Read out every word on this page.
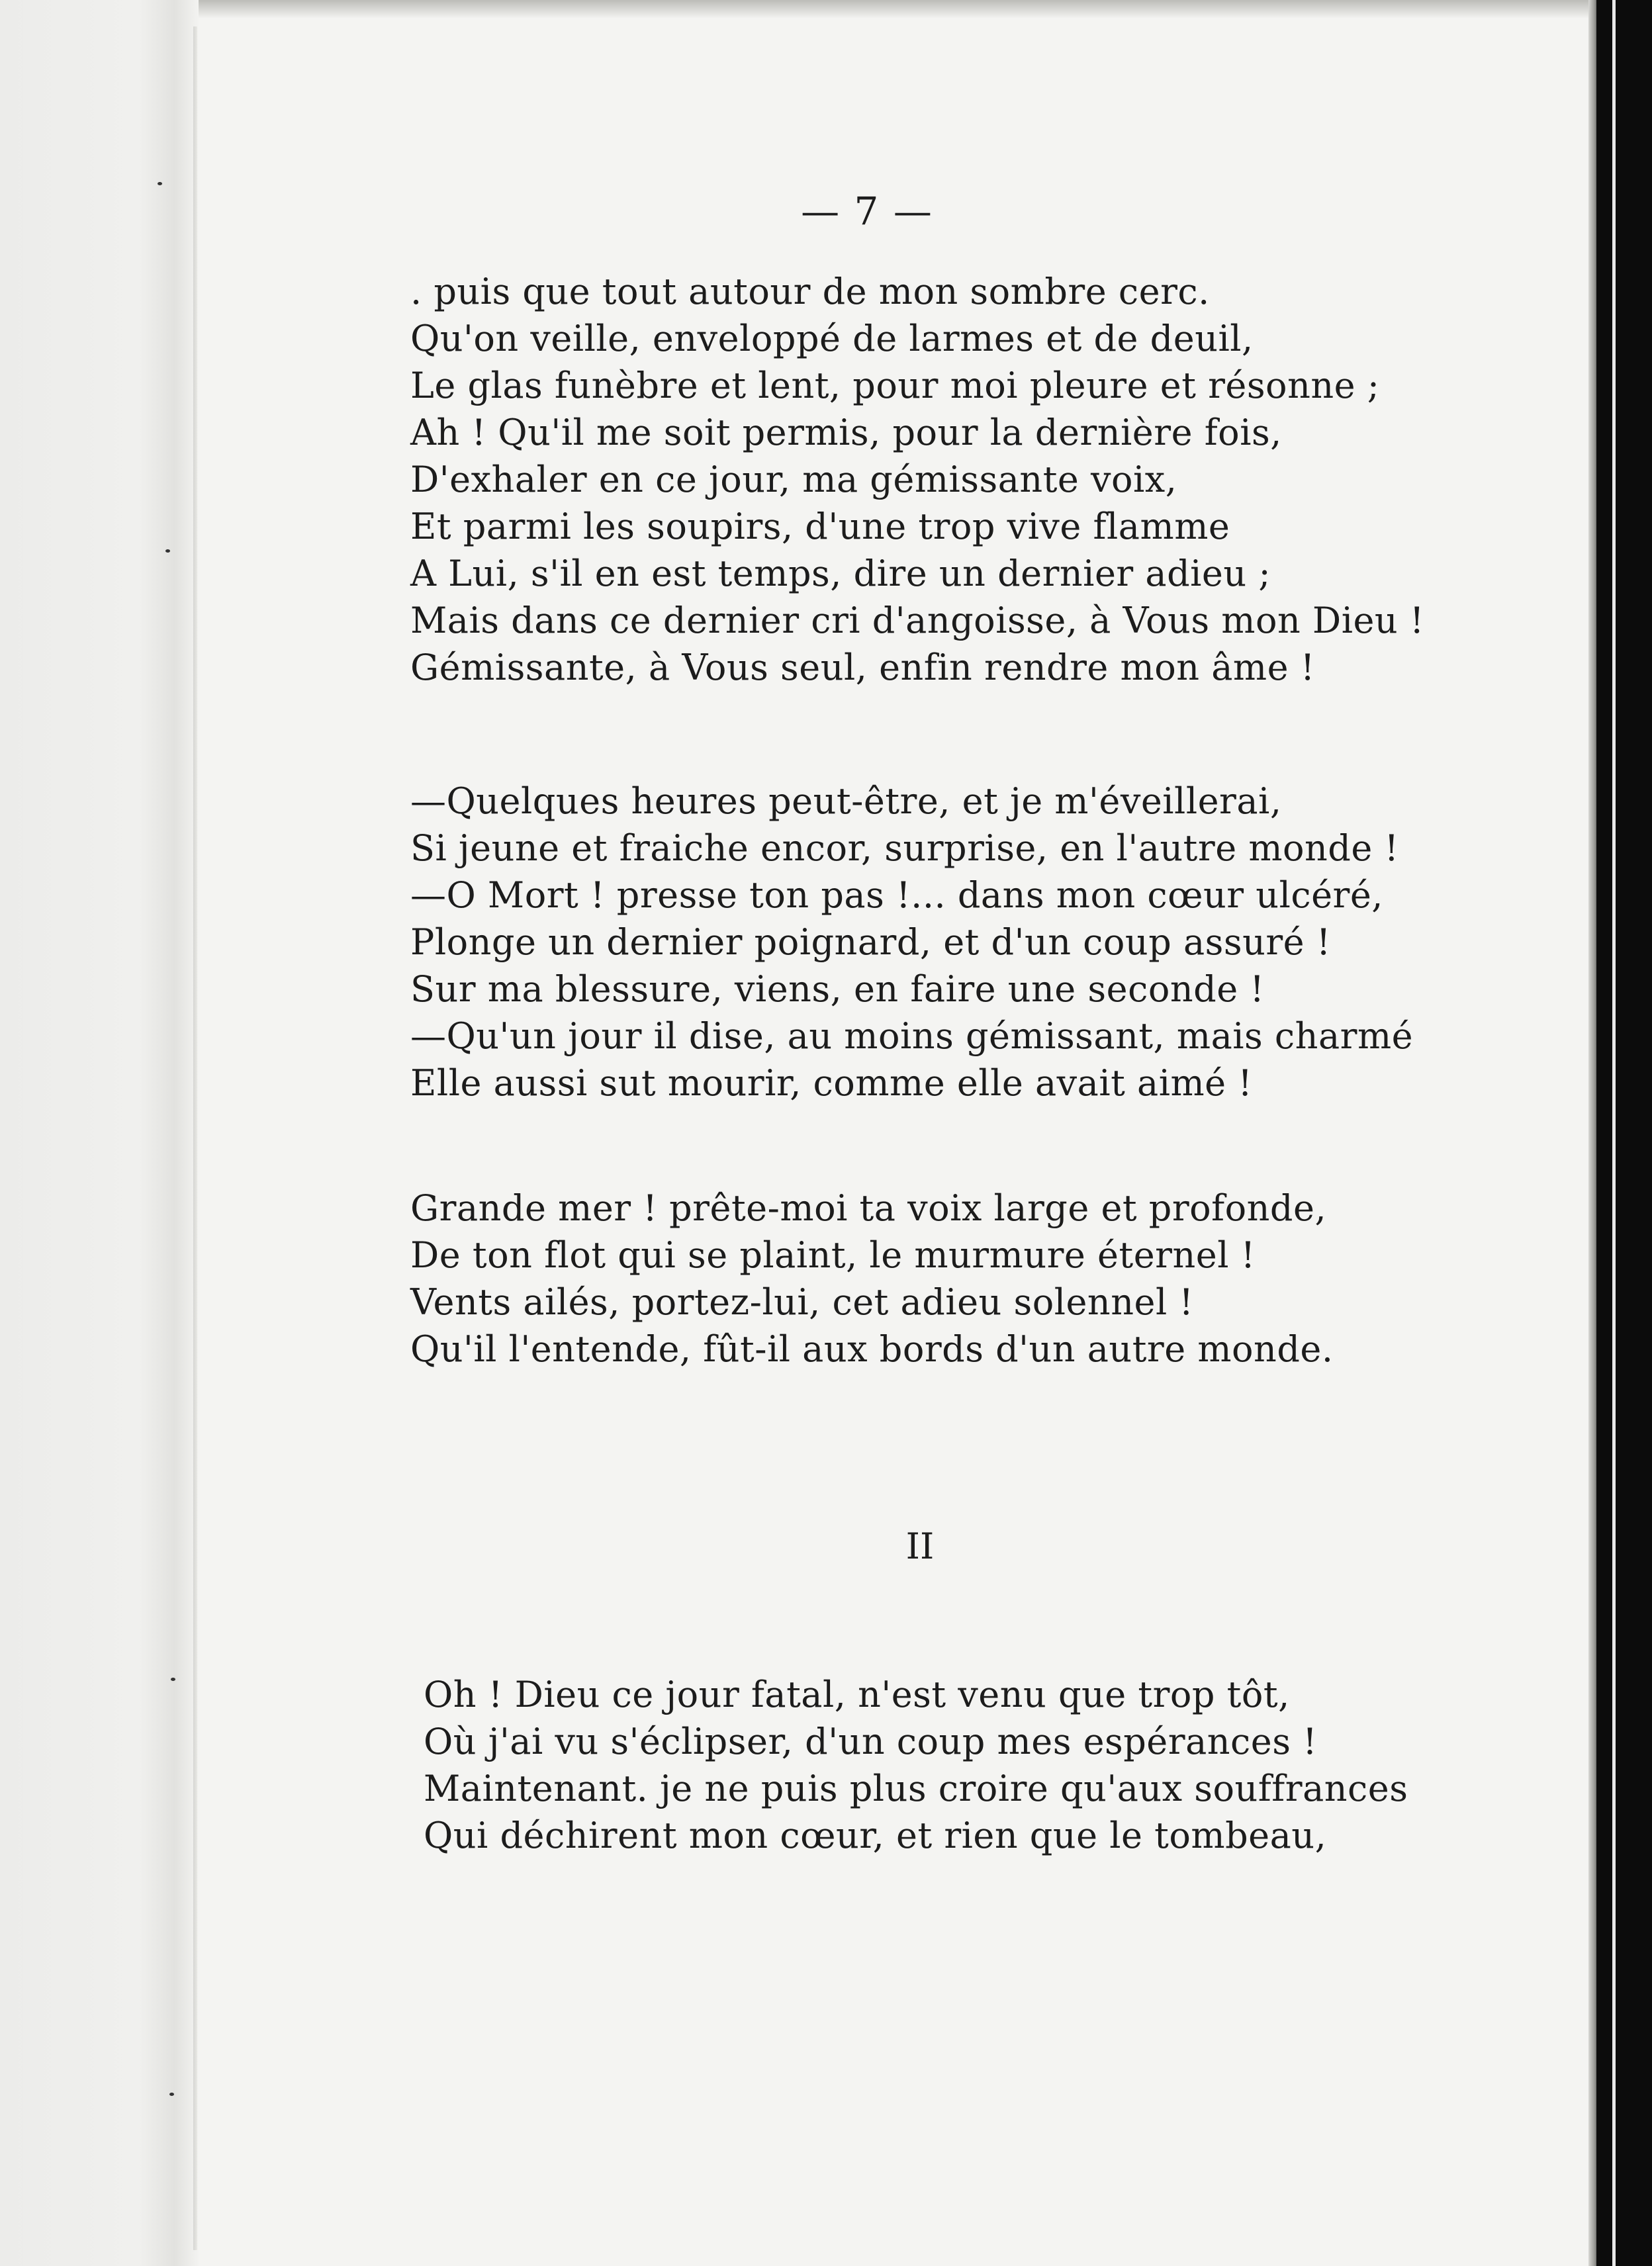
— 7 —
. puis que tout autour de mon sombre cerc.
Qu'on veille, enveloppé de larmes et de deuil,
Le glas funèbre et lent, pour moi pleure et résonne ;
Ah ! Qu'il me soit permis, pour la dernière fois,
D'exhaler en ce jour, ma gémissante voix,
Et parmi les soupirs, d'une trop vive flamme
A Lui, s'il en est temps, dire un dernier adieu ;
Mais dans ce dernier cri d'angoisse, à Vous mon Dieu !
Gémissante, à Vous seul, enfin rendre mon âme !
—Quelques heures peut-être, et je m'éveillerai,
Si jeune et fraiche encor, surprise, en l'autre monde !
—O Mort ! presse ton pas !... dans mon cœur ulcéré,
Plonge un dernier poignard, et d'un coup assuré !
Sur ma blessure, viens, en faire une seconde !
—Qu'un jour il dise, au moins gémissant, mais charmé
Elle aussi sut mourir, comme elle avait aimé !
Grande mer ! prête-moi ta voix large et profonde,
De ton flot qui se plaint, le murmure éternel !
Vents ailés, portez-lui, cet adieu solennel !
Qu'il l'entende, fût-il aux bords d'un autre monde.
II
Oh ! Dieu ce jour fatal, n'est venu que trop tôt,
Où j'ai vu s'éclipser, d'un coup mes espérances !
Maintenant. je ne puis plus croire qu'aux souffrances
Qui déchirent mon cœur, et rien que le tombeau,
